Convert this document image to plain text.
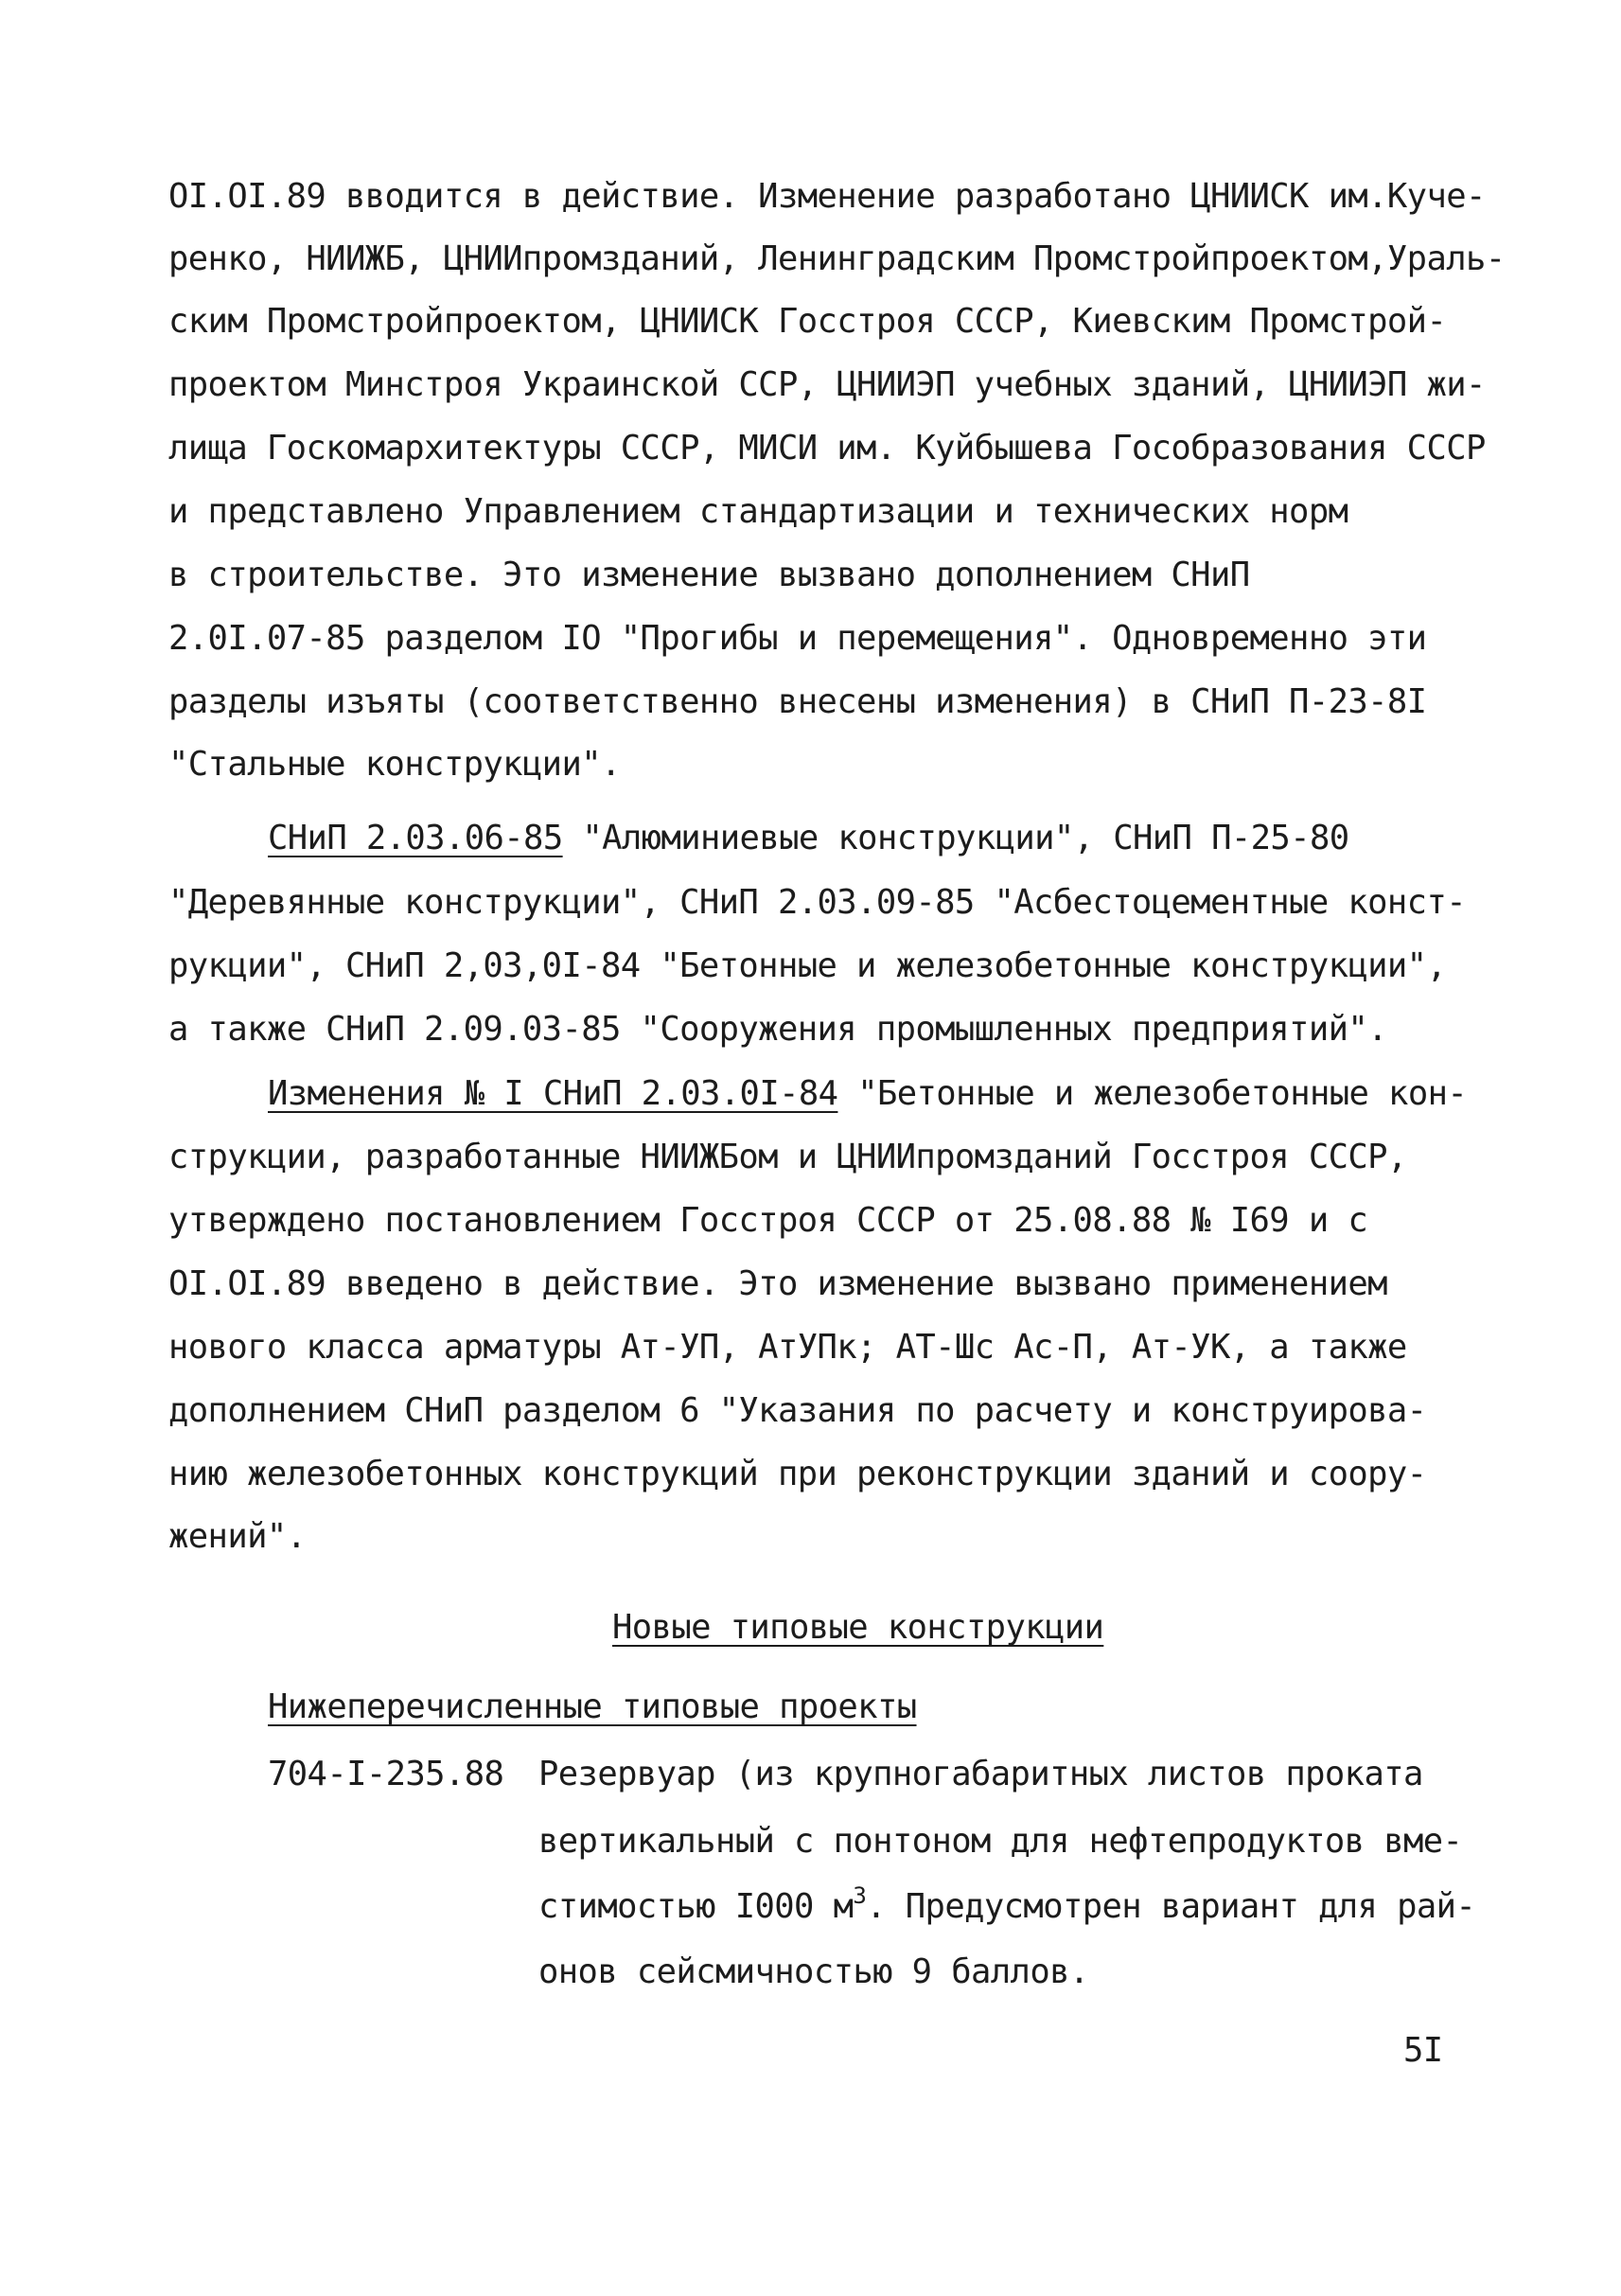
OI.OI.89 вводится в действие. Изменение разработано ЦНИИСК им.Куче-
ренко, НИИЖБ, ЦНИИпромзданий, Ленинградским Промстройпроектом,Ураль-
ским Промстройпроектом, ЦНИИСК Госстроя СССР, Киевским Промстрой-
проектом Минстроя Украинской ССР, ЦНИИЭП учебных зданий, ЦНИИЭП жи-
лища Госкомархитектуры СССР, МИСИ им. Куйбышева Гособразования СССР
и представлено Управлением стандартизации и технических норм
в строительстве. Это изменение вызвано дополнением СНиП
2.0I.07-85 разделом IO "Прогибы и перемещения". Одновременно эти
разделы изъяты (соответственно внесены изменения) в СНиП П-23-8I
"Стальные конструкции".
СНиП 2.03.06-85 "Алюминиевые конструкции", СНиП П-25-80
"Деревянные конструкции", СНиП 2.03.09-85 "Асбестоцементные конст-
рукции", СНиП 2,03,0I-84 "Бетонные и железобетонные конструкции",
а также СНиП 2.09.03-85 "Сооружения промышленных предприятий".
Изменения № I СНиП 2.03.0I-84 "Бетонные и железобетонные кон-
струкции, разработанные НИИЖБом и ЦНИИпромзданий Госстроя СССР,
утверждено постановлением Госстроя СССР от 25.08.88 № I69 и с
OI.OI.89 введено в действие. Это изменение вызвано применением
нового класса арматуры Ат-УП, АтУПк; АТ-Шс Ас-П, Ат-УК, а также
дополнением СНиП разделом 6 "Указания по расчету и конструирова-
нию железобетонных конструкций при реконструкции зданий и соору-
жений".
Новые типовые конструкции
Нижеперечисленные типовые проекты
704-I-235.88 Резервуар (из крупногабаритных листов проката
вертикальный с понтоном для нефтепродуктов вме-
стимостью I000 $м^3$. Предусмотрен вариант для рай-
онов сейсмичностью 9 баллов.
5I
